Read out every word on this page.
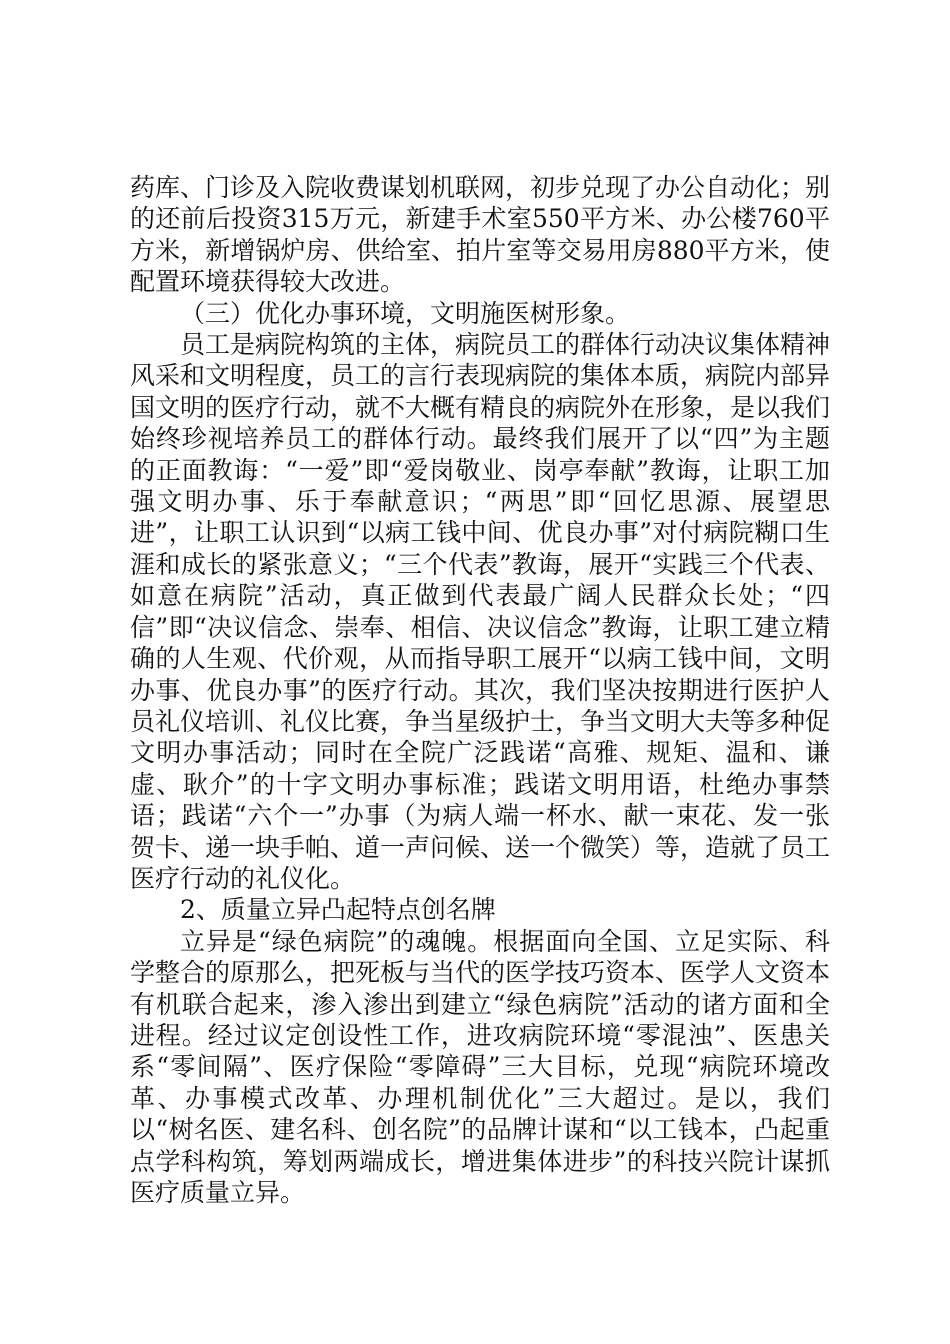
药库、门诊及入院收费谋划机联网，初步兑现了办公自动化；别的还前后投资315万元，新建手术室550平方米、办公楼760平方米，新增锅炉房、供给室、拍片室等交易用房880平方米，使配置环境获得较大改进。

（三）优化办事环境，文明施医树形象。

员工是病院构筑的主体，病院员工的群体行动决议集体精神风采和文明程度，员工的言行表现病院的集体本质，病院内部异国文明的医疗行动，就不大概有精良的病院外在形象，是以我们始终珍视培养员工的群体行动。最终我们展开了以“四”为主题的正面教诲：“一爱”即“爱岗敬业、岗亭奉献”教诲，让职工加强文明办事、乐于奉献意识；“两思”即“回忆思源、展望思进”，让职工认识到“以病工钱中间、优良办事”对付病院糊口生涯和成长的紧张意义；“三个代表”教诲，展开“实践三个代表、如意在病院”活动，真正做到代表最广阔人民群众长处；“四信”即“决议信念、崇奉、相信、决议信念”教诲，让职工建立精确的人生观、代价观，从而指导职工展开“以病工钱中间，文明办事、优良办事”的医疗行动。其次，我们坚决按期进行医护人员礼仪培训、礼仪比赛，争当星级护士，争当文明大夫等多种促文明办事活动；同时在全院广泛践诺“高雅、规矩、温和、谦虚、耿介”的十字文明办事标准；践诺文明用语，杜绝办事禁语；践诺“六个一”办事（为病人端一杯水、献一束花、发一张贺卡、递一块手帕、道一声问候、送一个微笑）等，造就了员工医疗行动的礼仪化。

2、质量立异凸起特点创名牌

立异是“绿色病院”的魂魄。根据面向全国、立足实际、科学整合的原那么，把死板与当代的医学技巧资本、医学人文资本有机联合起来，渗入渗出到建立“绿色病院”活动的诸方面和全进程。经过议定创设性工作，进攻病院环境“零混浊”、医患关系“零间隔”、医疗保险“零障碍”三大目标，兑现“病院环境改革、办事模式改革、办理机制优化”三大超过。是以，我们以“树名医、建名科、创名院”的品牌计谋和“以工钱本，凸起重点学科构筑，筹划两端成长，增进集体进步”的科技兴院计谋抓医疗质量立异。
